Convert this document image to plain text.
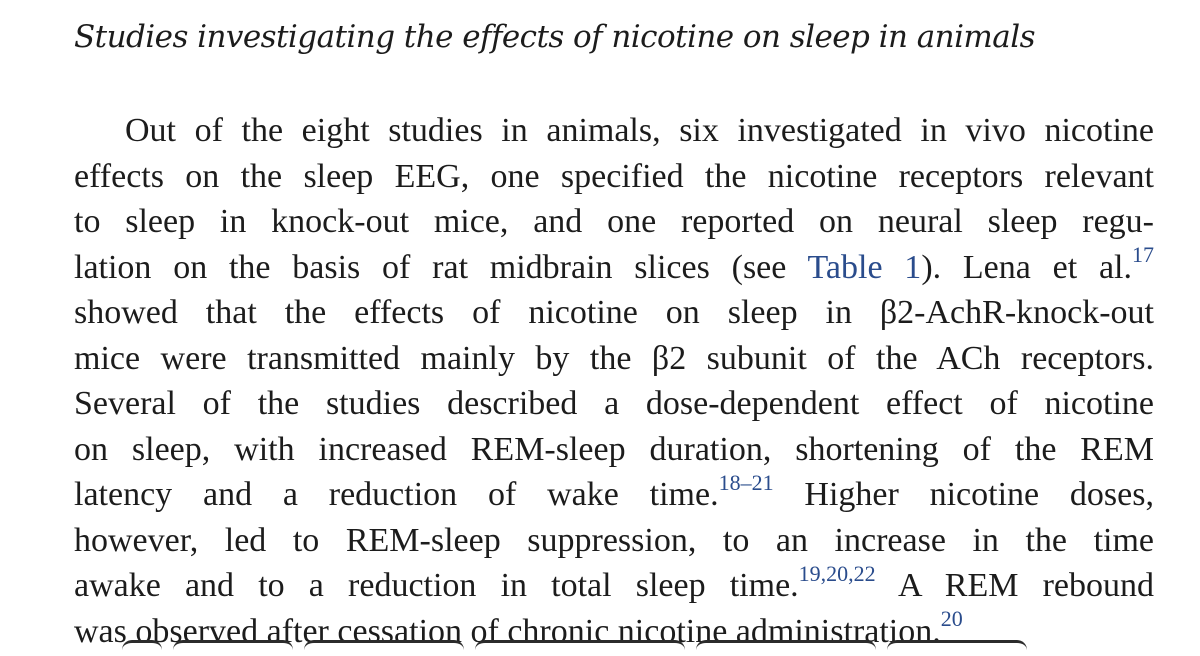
Studies investigating the effects of nicotine on sleep in animals
Out of the eight studies in animals, six investigated in vivo nicotine
effects on the sleep EEG, one specified the nicotine receptors relevant
to sleep in knock-out mice, and one reported on neural sleep regu-
lation on the basis of rat midbrain slices (see Table 1). Lena et al.$^{17}$
showed that the effects of nicotine on sleep in β2-AchR-knock-out
mice were transmitted mainly by the β2 subunit of the ACh receptors.
Several of the studies described a dose-dependent effect of nicotine
on sleep, with increased REM-sleep duration, shortening of the REM
latency and a reduction of wake time.$^{18-21}$ Higher nicotine doses,
however, led to REM-sleep suppression, to an increase in the time
awake and to a reduction in total sleep time.$^{19,20,22}$ A REM rebound
was observed after cessation of chronic nicotine administration.$^{20}$
